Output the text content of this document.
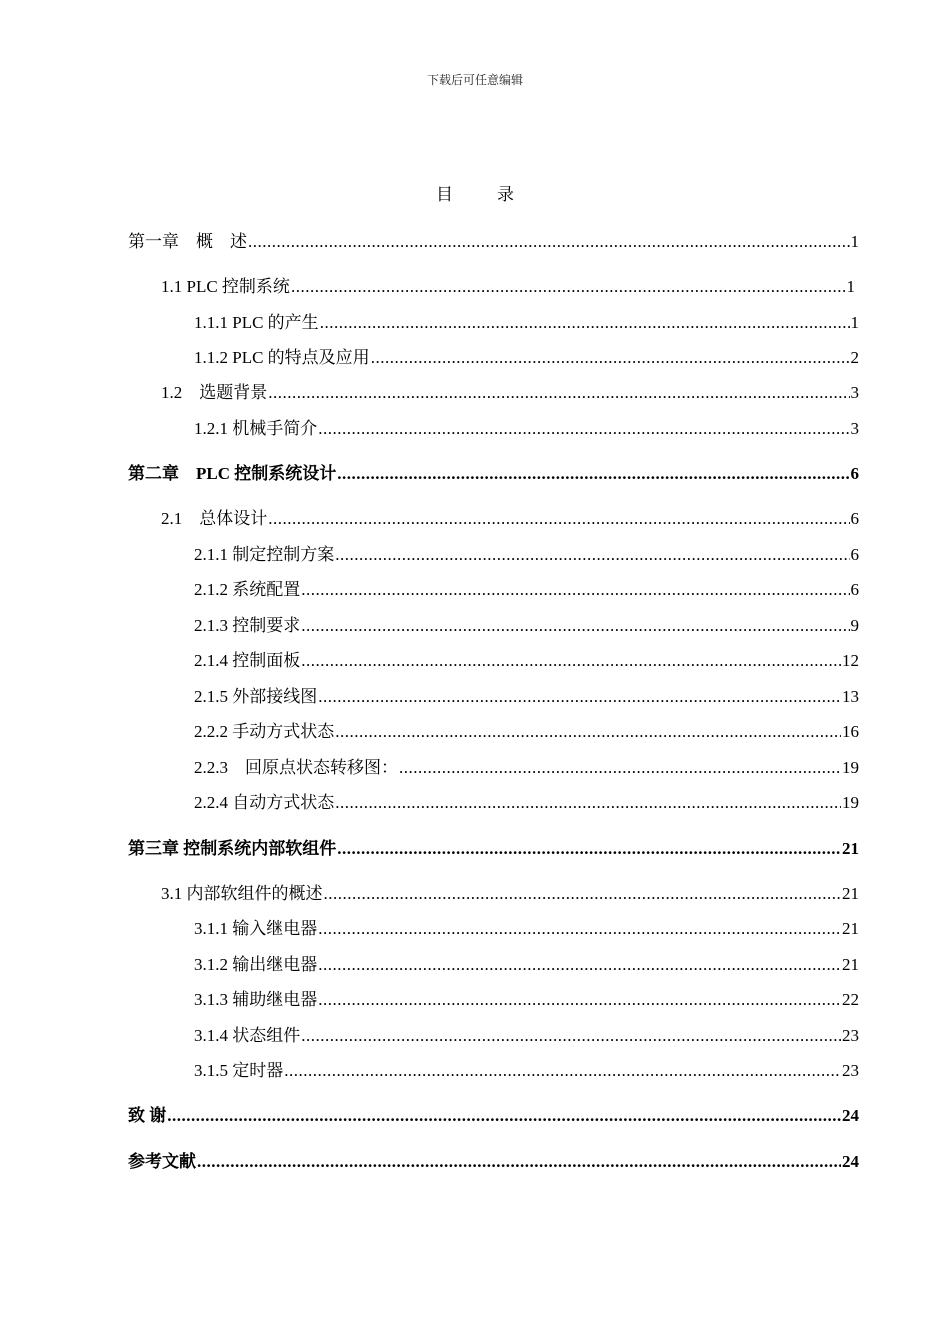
下载后可任意编辑
目	录
第一章　概　述 .....	1
1.1 PLC 控制系统 .....	1
1.1.1 PLC 的产生 .....	1
1.1.2 PLC 的特点及应用 .....	2
1.2　选题背景 .....	3
1.2.1 机械手简介 .....	3
第二章　PLC 控制系统设计 .....	6
2.1　总体设计 .....	6
2.1.1 制定控制方案 .....	6
2.1.2 系统配置 .....	6
2.1.3 控制要求 .....	9
2.1.4 控制面板 .....	12
2.1.5 外部接线图 .....	13
2.2.2 手动方式状态 .....	16
2.2.3　回原点状态转移图： .....	19
2.2.4 自动方式状态 .....	19
第三章 控制系统内部软组件 .....	21
3.1 内部软组件的概述 .....	21
3.1.1 输入继电器 .....	21
3.1.2 输出继电器 .....	21
3.1.3 辅助继电器 .....	22
3.1.4 状态组件 .....	23
3.1.5 定时器 .....	23
致 谢 .....	24
参考文献 .....	24
